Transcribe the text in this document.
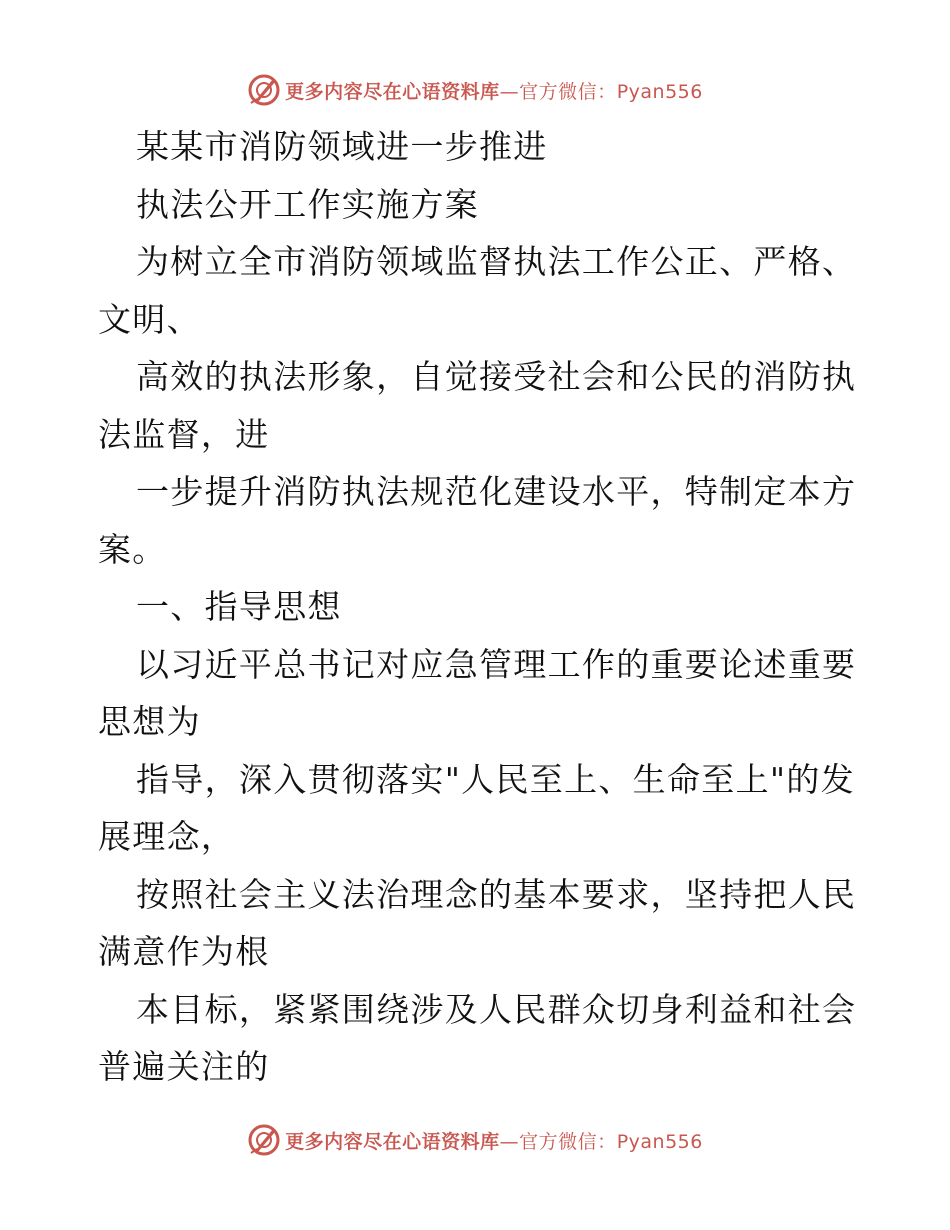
更多内容尽在心语资料库—官方微信：Pyan556
某某市消防领域进一步推进
执法公开工作实施方案
为树立全市消防领域监督执法工作公正、严格、
文明、
高效的执法形象，自觉接受社会和公民的消防执
法监督，进
一步提升消防执法规范化建设水平，特制定本方
案。
一、指导思想
以习近平总书记对应急管理工作的重要论述重要
思想为
指导，深入贯彻落实"人民至上、生命至上"的发
展理念，
按照社会主义法治理念的基本要求，坚持把人民
满意作为根
本目标，紧紧围绕涉及人民群众切身利益和社会
普遍关注的
更多内容尽在心语资料库—官方微信：Pyan556
